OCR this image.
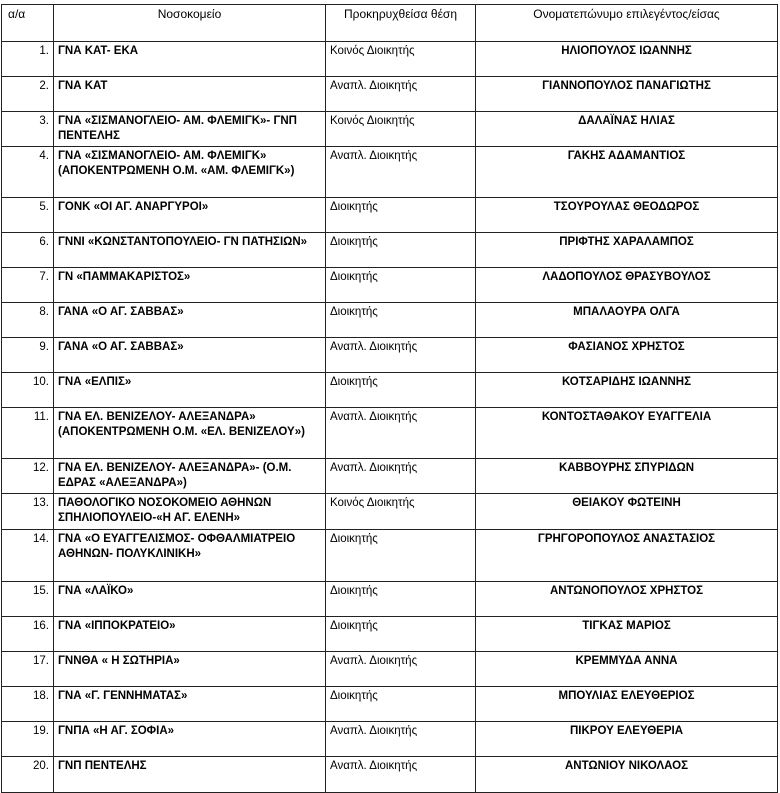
α/α	Νοσοκομείο	Προκηρυχθείσα θέση	Ονοματεπώνυμο επιλεγέντος/είσας
1.	ΓΝΑ ΚΑΤ- ΕΚΑ	Κοινός Διοικητής	ΗΛΙΟΠΟΥΛΟΣ ΙΩΑΝΝΗΣ
2.	ΓΝΑ ΚΑΤ	Αναπλ. Διοικητής	ΓΙΑΝΝΟΠΟΥΛΟΣ ΠΑΝΑΓΙΩΤΗΣ
3.	ΓΝΑ «ΣΙΣΜΑΝΟΓΛΕΙΟ- ΑΜ. ΦΛΕΜΙΓΚ»- ΓΝΠ ΠΕΝΤΕΛΗΣ	Κοινός Διοικητής	ΔΑΛΑΪΝΑΣ ΗΛΙΑΣ
4.	ΓΝΑ «ΣΙΣΜΑΝΟΓΛΕΙΟ- ΑΜ. ΦΛΕΜΙΓΚ» (ΑΠΟΚΕΝΤΡΩΜΕΝΗ Ο.Μ. «ΑΜ. ΦΛΕΜΙΓΚ»)	Αναπλ. Διοικητής	ΓΑΚΗΣ ΑΔΑΜΑΝΤΙΟΣ
5.	ΓΟΝΚ «ΟΙ ΑΓ. ΑΝΑΡΓΥΡΟΙ»	Διοικητής	ΤΣΟΥΡΟΥΛΑΣ ΘΕΟΔΩΡΟΣ
6.	ΓΝΝΙ «ΚΩΝΣΤΑΝΤΟΠΟΥΛΕΙΟ- ΓΝ ΠΑΤΗΣΙΩΝ»	Διοικητής	ΠΡΙΦΤΗΣ ΧΑΡΑΛΑΜΠΟΣ
7.	ΓΝ «ΠΑΜΜΑΚΑΡΙΣΤΟΣ»	Διοικητής	ΛΑΔΟΠΟΥΛΟΣ ΘΡΑΣΥΒΟΥΛΟΣ
8.	ΓΑΝΑ «Ο ΑΓ. ΣΑΒΒΑΣ»	Διοικητής	ΜΠΑΛΑΟΥΡΑ ΟΛΓΑ
9.	ΓΑΝΑ «Ο ΑΓ. ΣΑΒΒΑΣ»	Αναπλ. Διοικητής	ΦΑΣΙΑΝΟΣ ΧΡΗΣΤΟΣ
10.	ΓΝΑ «ΕΛΠΙΣ»	Διοικητής	ΚΟΤΣΑΡΙΔΗΣ ΙΩΑΝΝΗΣ
11.	ΓΝΑ ΕΛ. ΒΕΝΙΖΕΛΟΥ- ΑΛΕΞΑΝΔΡΑ» (ΑΠΟΚΕΝΤΡΩΜΕΝΗ Ο.Μ. «ΕΛ. ΒΕΝΙΖΕΛΟΥ»)	Αναπλ. Διοικητής	ΚΟΝΤΟΣΤΑΘΑΚΟΥ ΕΥΑΓΓΕΛΙΑ
12.	ΓΝΑ ΕΛ. ΒΕΝΙΖΕΛΟΥ- ΑΛΕΞΑΝΔΡΑ»- (Ο.Μ. ΕΔΡΑΣ «ΑΛΕΞΑΝΔΡΑ»)	Αναπλ. Διοικητής	ΚΑΒΒΟΥΡΗΣ ΣΠΥΡΙΔΩΝ
13.	ΠΑΘΟΛΟΓΙΚΟ ΝΟΣΟΚΟΜΕΙΟ ΑΘΗΝΩΝ ΣΠΗΛΙΟΠΟΥΛΕΙΟ-«Η ΑΓ. ΕΛΕΝΗ»	Κοινός Διοικητής	ΘΕΙΑΚΟΥ ΦΩΤΕΙΝΗ
14.	ΓΝΑ «Ο ΕΥΑΓΓΕΛΙΣΜΟΣ- ΟΦΘΑΛΜΙΑΤΡΕΙΟ ΑΘΗΝΩΝ- ΠΟΛΥΚΛΙΝΙΚΗ»	Διοικητής	ΓΡΗΓΟΡΟΠΟΥΛΟΣ ΑΝΑΣΤΑΣΙΟΣ
15.	ΓΝΑ «ΛΑΪΚΟ»	Διοικητής	ΑΝΤΩΝΟΠΟΥΛΟΣ ΧΡΗΣΤΟΣ
16.	ΓΝΑ «ΙΠΠΟΚΡΑΤΕΙΟ»	Διοικητής	ΤΙΓΚΑΣ ΜΑΡΙΟΣ
17.	ΓΝΝΘΑ « Η ΣΩΤΗΡΙΑ»	Αναπλ. Διοικητής	ΚΡΕΜΜΥΔΑ ΑΝΝΑ
18.	ΓΝΑ «Γ. ΓΕΝΝΗΜΑΤΑΣ»	Διοικητής	ΜΠΟΥΛΙΑΣ ΕΛΕΥΘΕΡΙΟΣ
19.	ΓΝΠΑ «Η ΑΓ. ΣΟΦΙΑ»	Αναπλ. Διοικητής	ΠΙΚΡΟΥ ΕΛΕΥΘΕΡΙΑ
20.	ΓΝΠ ΠΕΝΤΕΛΗΣ	Αναπλ. Διοικητής	ΑΝΤΩΝΙΟΥ ΝΙΚΟΛΑΟΣ
